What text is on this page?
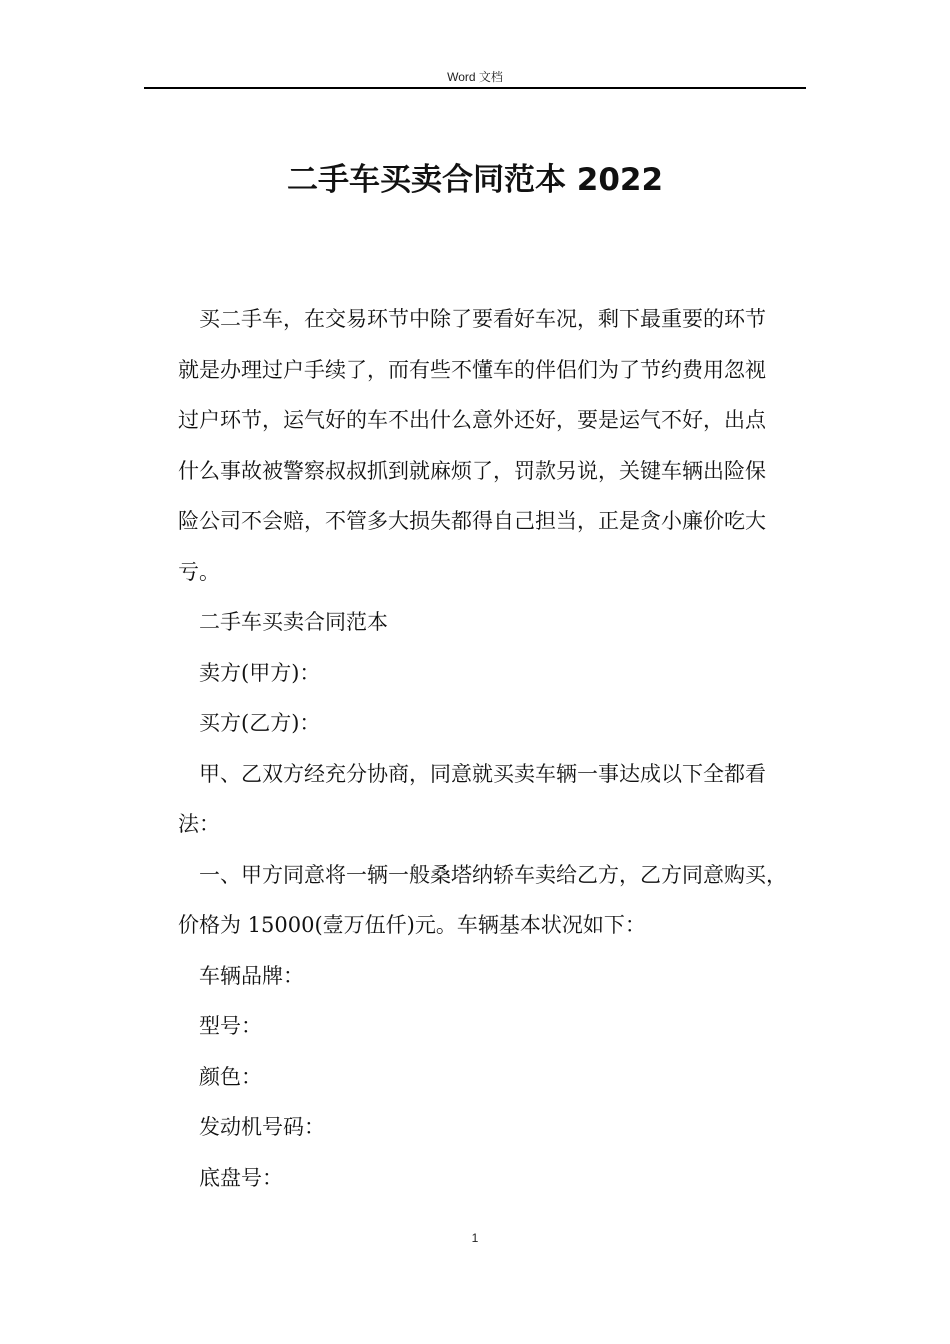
Word 文档
二手车买卖合同范本 2022

买二手车，在交易环节中除了要看好车况，剩下最重要的环节
就是办理过户手续了，而有些不懂车的伴侣们为了节约费用忽视
过户环节，运气好的车不出什么意外还好，要是运气不好，出点
什么事故被警察叔叔抓到就麻烦了，罚款另说，关键车辆出险保
险公司不会赔，不管多大损失都得自己担当，正是贪小廉价吃大
亏。

二手车买卖合同范本

卖方(甲方)：

买方(乙方)：

甲、乙双方经充分协商，同意就买卖车辆一事达成以下全都看
法：

一、甲方同意将一辆一般桑塔纳轿车卖给乙方，乙方同意购买，
价格为 15000(壹万伍仟)元。车辆基本状况如下：

车辆品牌：

型号：

颜色：

发动机号码：

底盘号：

1
